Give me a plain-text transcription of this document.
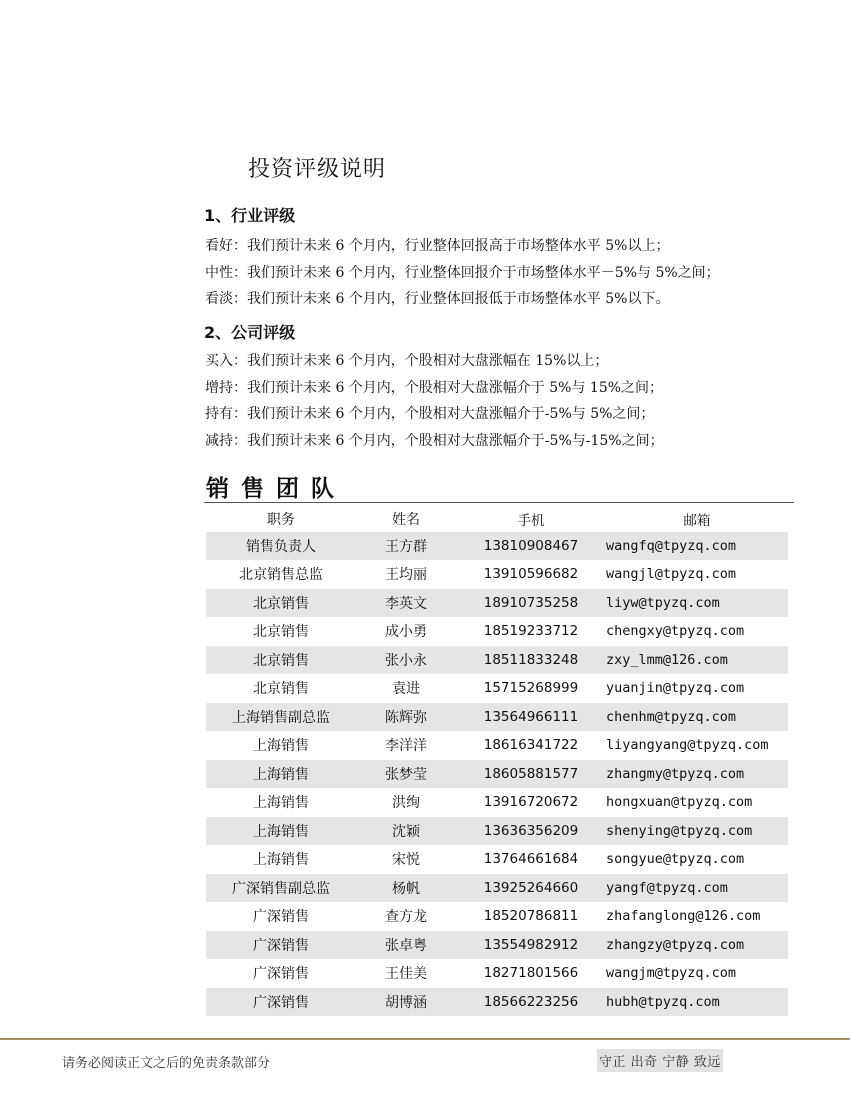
投资评级说明
1、行业评级
看好：我们预计未来 6 个月内，行业整体回报高于市场整体水平 5%以上；
中性：我们预计未来 6 个月内，行业整体回报介于市场整体水平－5%与 5%之间；
看淡：我们预计未来 6 个月内，行业整体回报低于市场整体水平 5%以下。
2、公司评级
买入：我们预计未来 6 个月内，个股相对大盘涨幅在 15%以上；
增持：我们预计未来 6 个月内，个股相对大盘涨幅介于 5%与 15%之间；
持有：我们预计未来 6 个月内，个股相对大盘涨幅介于-5%与 5%之间；
减持：我们预计未来 6 个月内，个股相对大盘涨幅介于-5%与-15%之间；
销售团队
职务	姓名	手机	邮箱
销售负责人	王方群	13810908467	wangfq@tpyzq.com
北京销售总监	王均丽	13910596682	wangjl@tpyzq.com
北京销售	李英文	18910735258	liyw@tpyzq.com
北京销售	成小勇	18519233712	chengxy@tpyzq.com
北京销售	张小永	18511833248	zxy_lmm@126.com
北京销售	袁进	15715268999	yuanjin@tpyzq.com
上海销售副总监	陈辉弥	13564966111	chenhm@tpyzq.com
上海销售	李洋洋	18616341722	liyangyang@tpyzq.com
上海销售	张梦莹	18605881577	zhangmy@tpyzq.com
上海销售	洪绚	13916720672	hongxuan@tpyzq.com
上海销售	沈颖	13636356209	shenying@tpyzq.com
上海销售	宋悦	13764661684	songyue@tpyzq.com
广深销售副总监	杨帆	13925264660	yangf@tpyzq.com
广深销售	查方龙	18520786811	zhafanglong@126.com
广深销售	张卓粤	13554982912	zhangzy@tpyzq.com
广深销售	王佳美	18271801566	wangjm@tpyzq.com
广深销售	胡博涵	18566223256	hubh@tpyzq.com
请务必阅读正文之后的免责条款部分	守正 出奇 宁静 致远
